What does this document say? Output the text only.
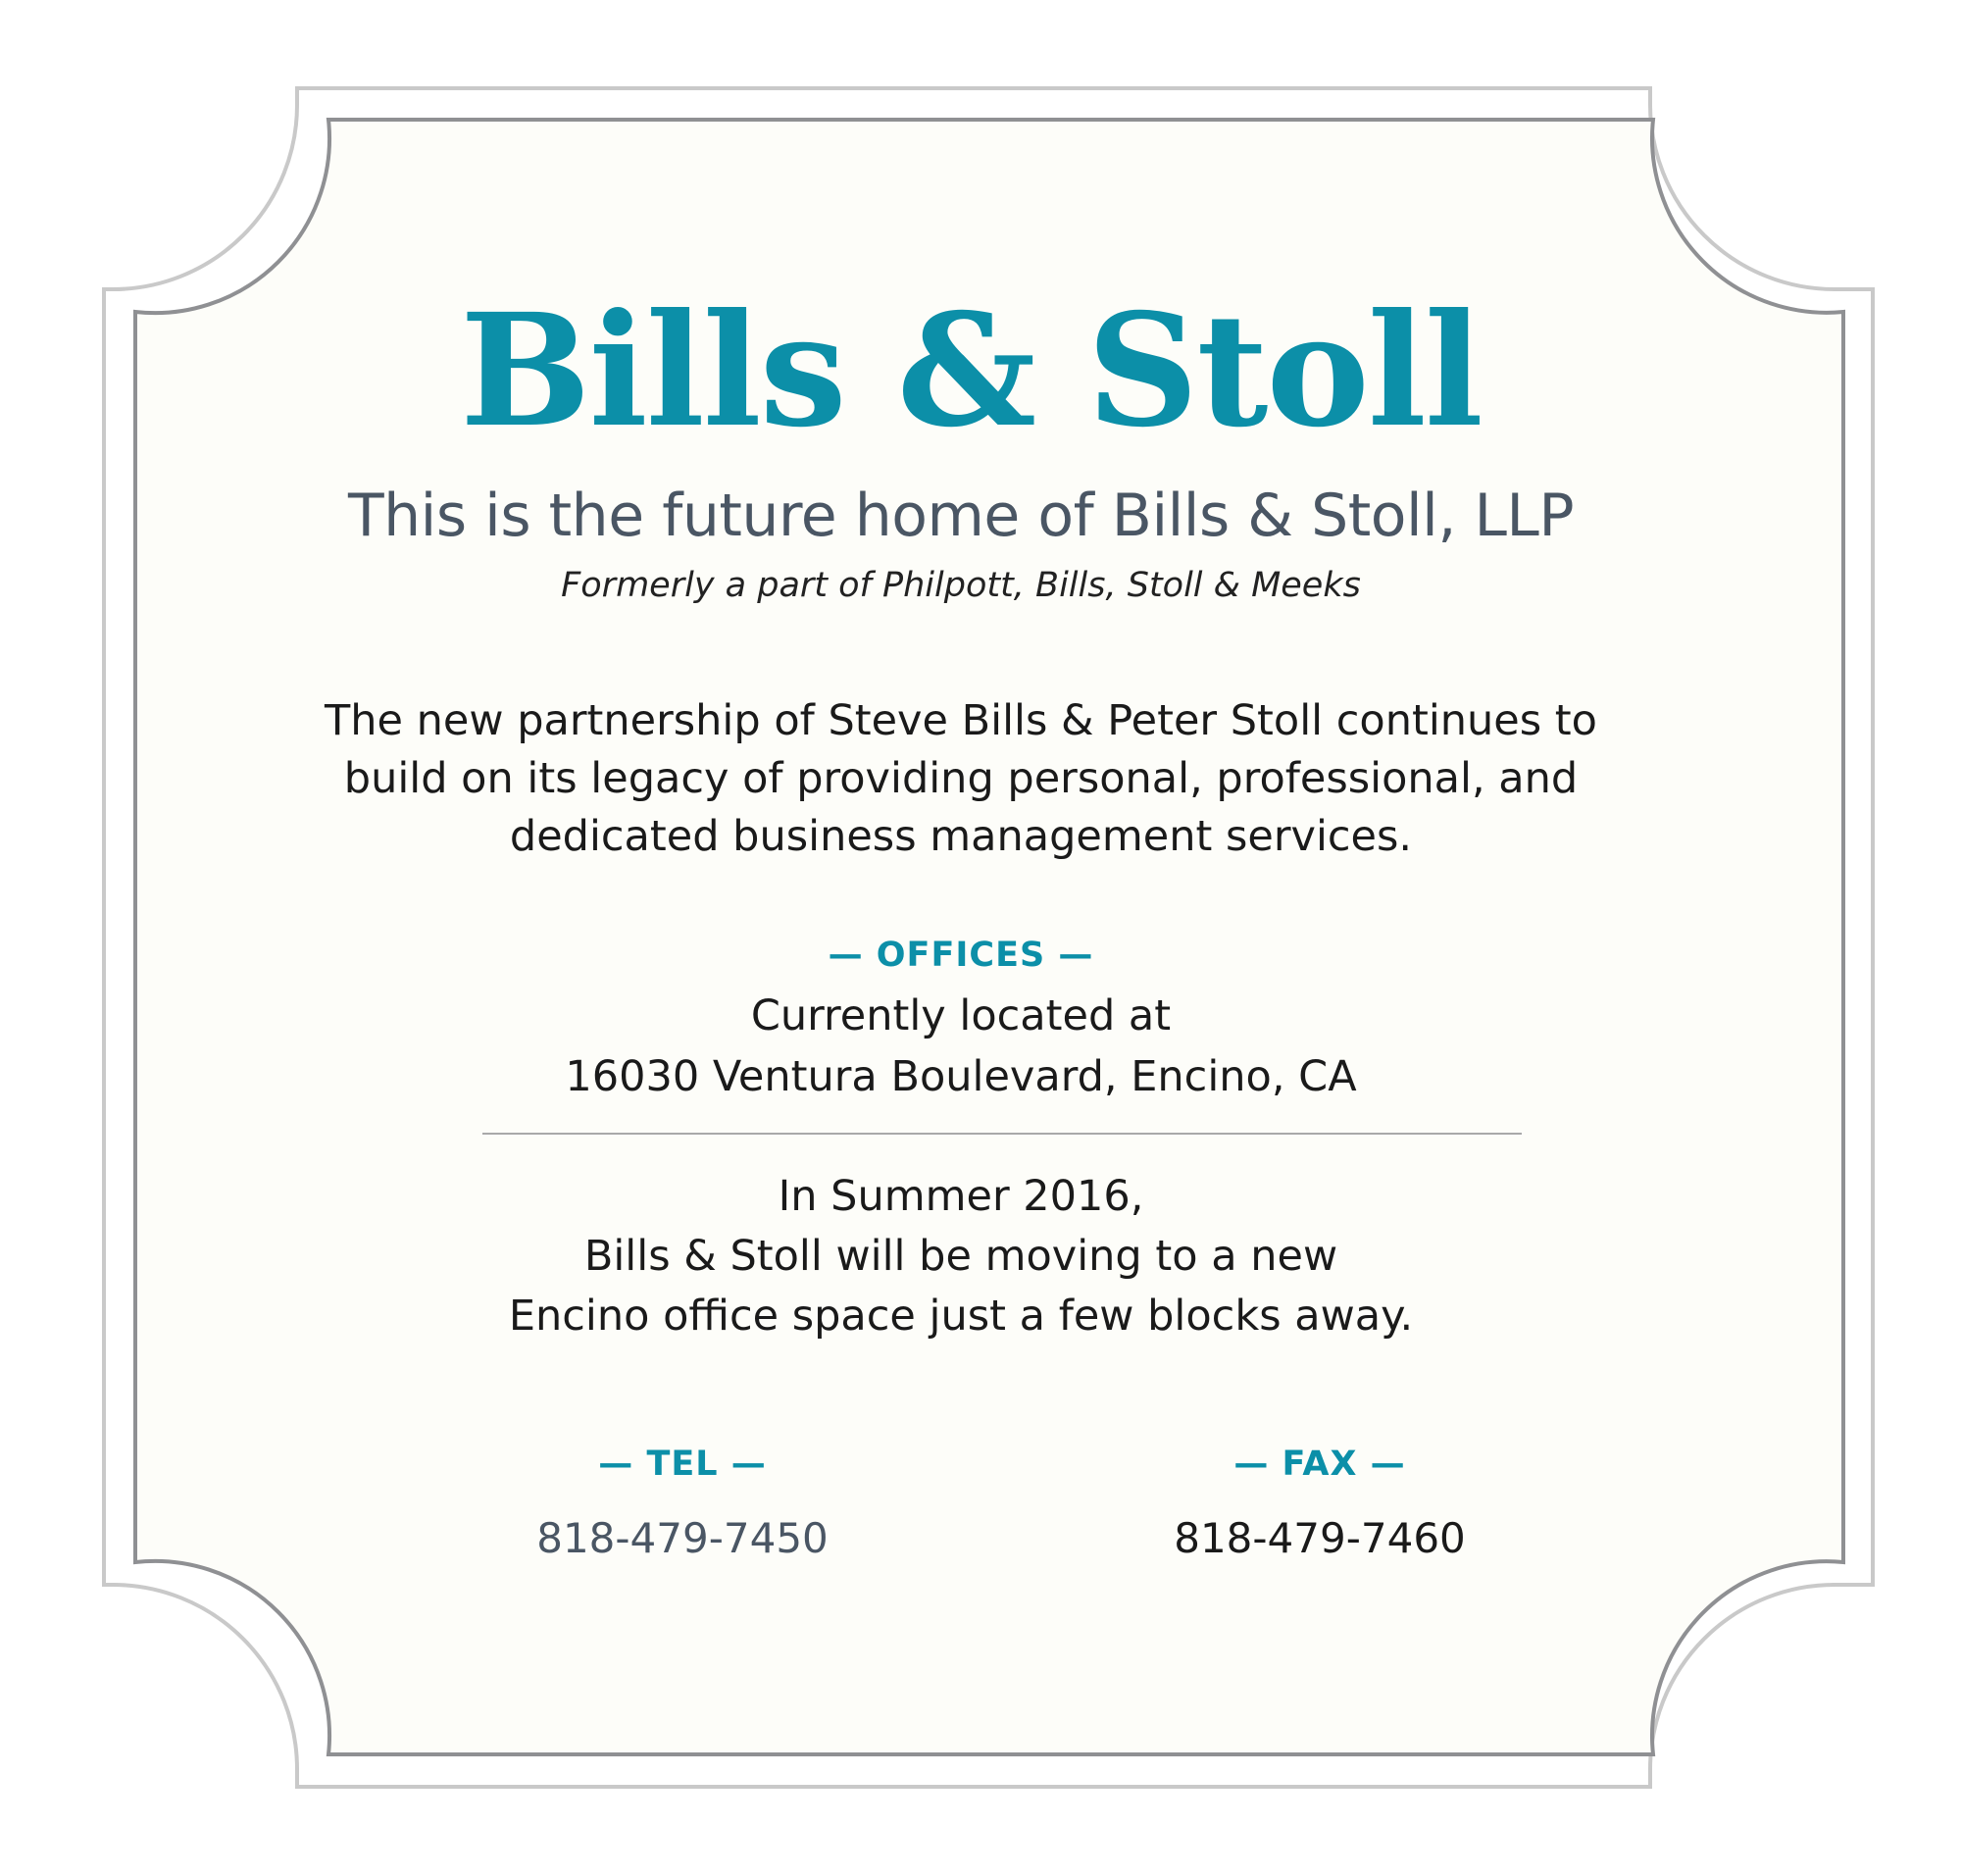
Bills & Stoll
This is the future home of Bills & Stoll, LLP
Formerly a part of Philpott, Bills, Stoll & Meeks
The new partnership of Steve Bills & Peter Stoll continues to
build on its legacy of providing personal, professional, and
dedicated business management services.
— OFFICES —
Currently located at
16030 Ventura Boulevard, Encino, CA
In Summer 2016,
Bills & Stoll will be moving to a new
Encino office space just a few blocks away.
— TEL —
818-479-7450
— FAX —
818-479-7460
